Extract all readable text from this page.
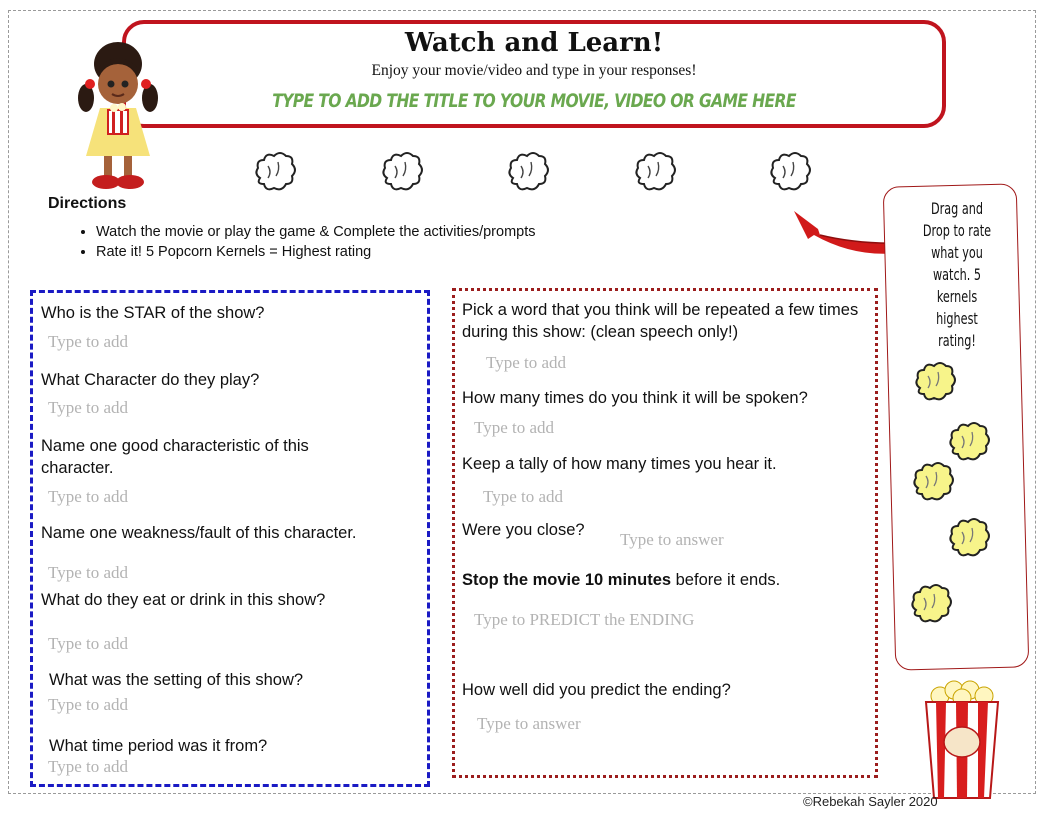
Watch and Learn!
Enjoy your movie/video and type in your responses!
TYPE TO ADD THE TITLE TO YOUR MOVIE, VIDEO OR GAME HERE
Directions
• Watch the movie or play the game & Complete the activities/prompts
• Rate it! 5 Popcorn Kernels = Highest rating
Who is the STAR of the show?
Type to add
What Character do they play?
Type to add
Name one good characteristic of this character.
Type to add
Name one weakness/fault of this character.
Type to add
What do they eat or drink in this show?
Type to add
What was the setting of this show?
Type to add
What time period was it from?
Type to add
Pick a word that you think will be repeated a few times during this show: (clean speech only!)
Type to add
How many times do you think it will be spoken?
Type to add
Keep a tally of how many times you hear it.
Type to add
Were you close? Type to answer
Stop the movie 10 minutes before it ends.
Type to PREDICT the ENDING
How well did you predict the ending?
Type to answer
Drag and Drop to rate what you watch. 5 kernels highest rating!
©Rebekah Sayler 2020
